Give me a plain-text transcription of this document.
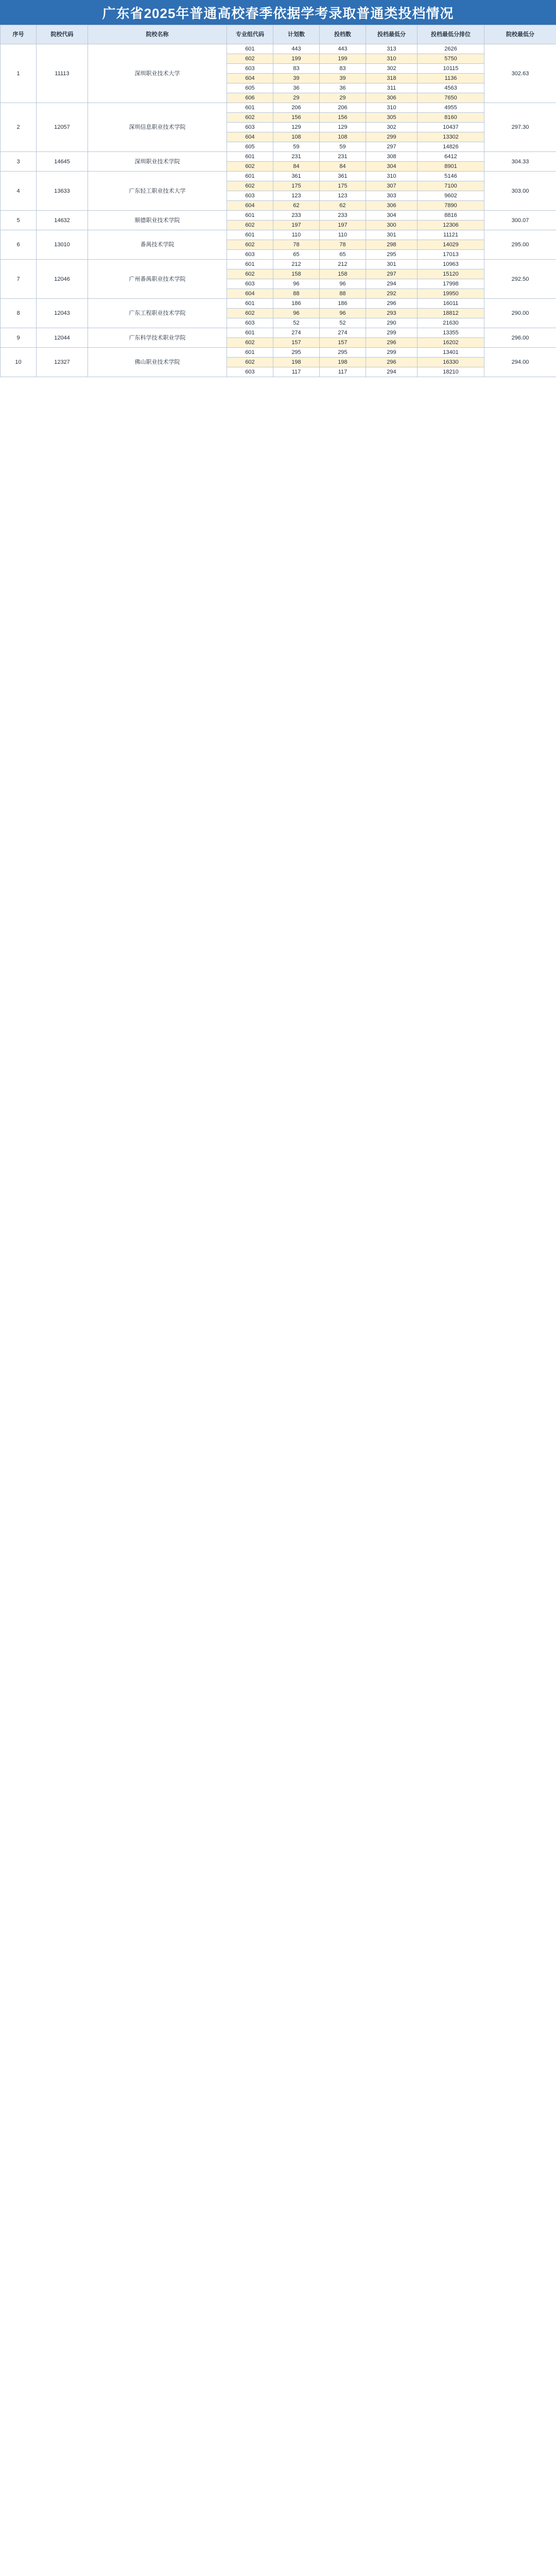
广东省2025年普通高校春季依据学考录取普通类投档情况
序号	院校代码	院校名称	专业组代码	计划数	投档数	投档最低分	投档最低分排位	院校最低分
1	11113	深圳职业技术大学	601	443	443	313	2626	302.63
			602	199	199	310	5750	
			603	83	83	302	10115	
			604	39	39	318	1136	
			605	36	36	311	4563	
			606	29	29	306	7650	
2	12057	深圳信息职业技术学院	601	206	206	310	4955	297.30
			602	156	156	305	8160	
			603	129	129	302	10437	
			604	108	108	299	13302	
			605	59	59	297	14826	
3	14645	深圳职业技术学院	601	231	231	308	6412	304.33
			602	84	84	304	8901	
4	13633	广东轻工职业技术大学	601	361	361	310	5146	303.00
			602	175	175	307	7100	
			603	123	123	303	9602	
			604	62	62	306	7890	
5	14632	顺德职业技术学院	601	233	233	304	8816	300.07
			602	197	197	300	12306	
6	13010	番禺技术学院	601	110	110	301	11121	295.00
			602	78	78	298	14029	
			603	65	65	295	17013	
7	12046	广州番禺职业技术学院	601	212	212	301	10963	292.50
			602	158	158	297	15120	
			603	96	96	294	17998	
			604	88	88	292	19950	
8	12043	广东工程职业技术学院	601	186	186	296	16011	290.00
			602	96	96	293	18812	
			603	52	52	290	21630	
9	12044	广东科学技术职业学院	601	274	274	299	13355	296.00
			602	157	157	296	16202	
10	12327	佛山职业技术学院	601	295	295	299	13401	294.00
			602	198	198	296	16330	
			603	117	117	294	18210	
